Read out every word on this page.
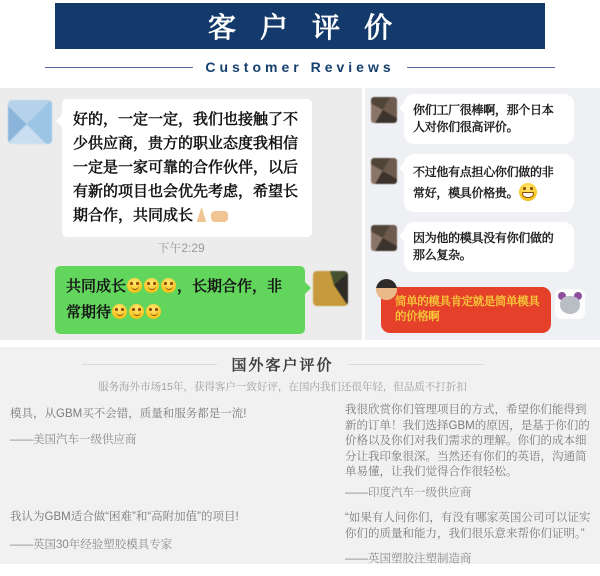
客户评价
Customer Reviews
好的，一定一定，我们也接触了不少供应商，贵方的职业态度我相信一定是一家可靠的合作伙伴，以后有新的项目也会优先考虑，希望长期合作，共同成长
下午2:29
共同成长	，长期合作，非常期待
你们工厂很棒啊，那个日本人对你们很高评价。
不过他有点担心你们做的非常好，模具价格贵。
因为他的模具没有你们做的那么复杂。
简单的模具肯定就是简单模具的价格啊
国外客户评价
服务海外市场15年，获得客户一致好评，在国内我们还很年轻，但品质不打折扣
模具，从GBM买不会错，质量和服务都是一流!
——美国汽车一级供应商
我认为GBM适合做“困难”和“高附加值”的项目!
——英国30年经验塑胶模具专家
我很欣赏你们管理项目的方式，希望你们能得到新的订单！我们选择GBM的原因，是基于你们的价格以及你们对我们需求的理解。你们的成本细分让我印象很深。当然还有你们的英语，沟通简单易懂，让我们觉得合作很轻松。
——印度汽车一级供应商
“如果有人问你们，有没有哪家英国公司可以证实你们的质量和能力，我们很乐意来帮你们证明。”
——英国塑胶注塑制造商
